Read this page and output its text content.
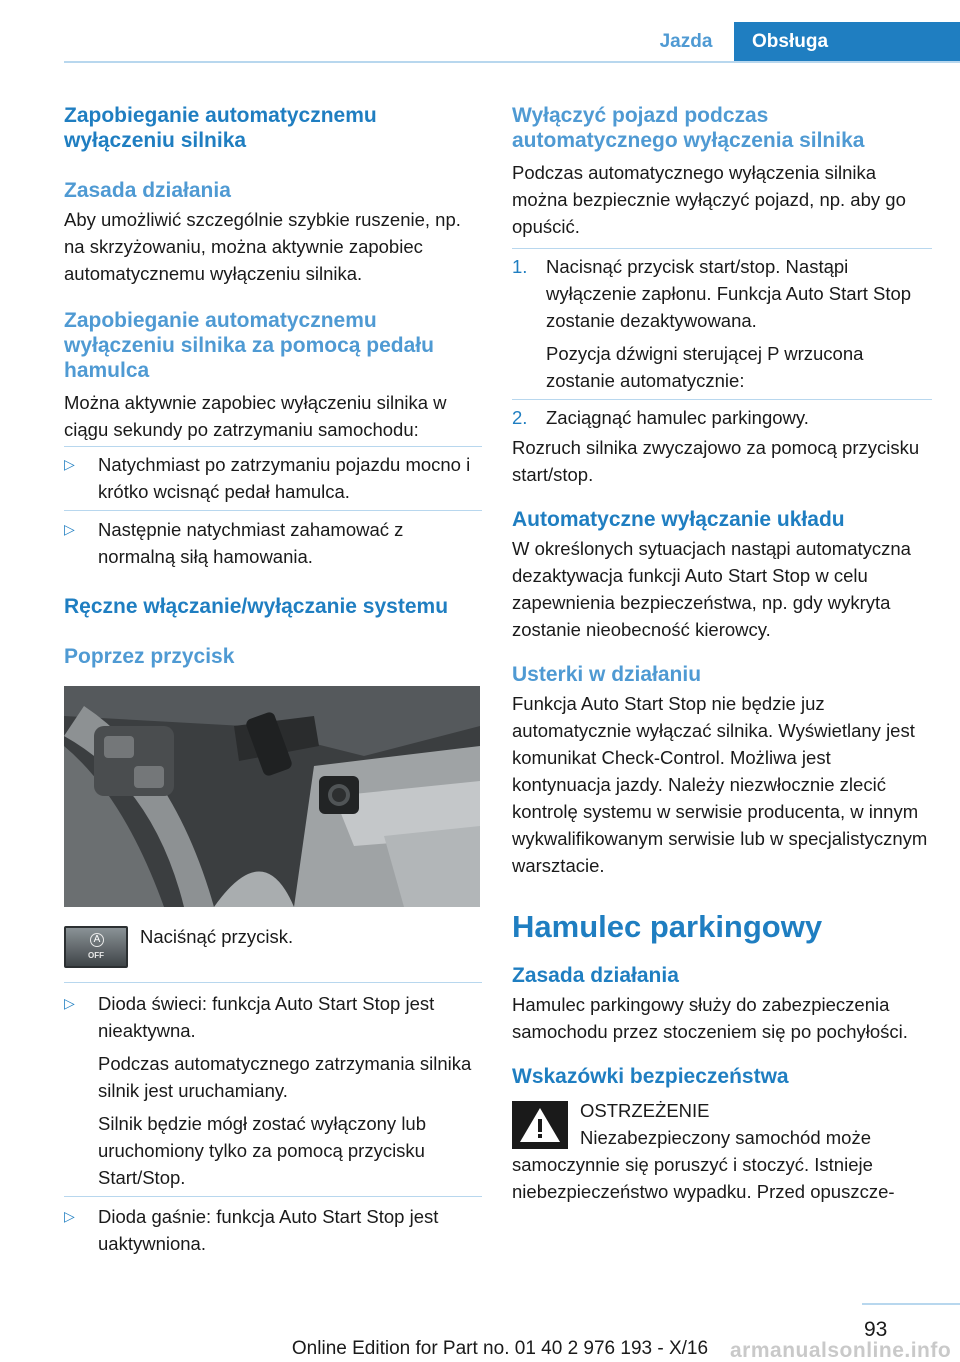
Jazda	Obsługa
Zapobieganie automatycznemu wyłączeniu silnika
Zasada działania
Aby umożliwić szczególnie szybkie ruszenie, np. na skrzyżowaniu, można aktywnie zapobiec automatycznemu wyłączeniu silnika.
Zapobieganie automatycznemu wyłączeniu silnika za pomocą pedału hamulca
Można aktywnie zapobiec wyłączeniu silnika w ciągu sekundy po zatrzymaniu samochodu:
▷ Natychmiast po zatrzymaniu pojazdu mocno i krótko wcisnąć pedał hamulca.
▷ Następnie natychmiast zahamować z normalną siłą hamowania.
Ręczne włączanie/wyłączanie systemu
Poprzez przycisk
A
OFF
Naciśnąć przycisk.
▷ Dioda świeci: funkcja Auto Start Stop jest nieaktywna.
Podczas automatycznego zatrzymania silnika silnik jest uruchamiany.
Silnik będzie mógł zostać wyłączony lub uruchomiony tylko za pomocą przycisku Start/Stop.
▷ Dioda gaśnie: funkcja Auto Start Stop jest uaktywniona.
Wyłączyć pojazd podczas automatycznego wyłączenia silnika
Podczas automatycznego wyłączenia silnika można bezpiecznie wyłączyć pojazd, np. aby go opuścić.
1. Nacisnąć przycisk start/stop. Nastąpi wyłączenie zapłonu. Funkcja Auto Start Stop zostanie dezaktywowana.
Pozycja dźwigni sterującej P wrzucona zostanie automatycznie:
2. Zaciągnąć hamulec parkingowy.
Rozruch silnika zwyczajowo za pomocą przycisku start/stop.
Automatyczne wyłączanie układu
W określonych sytuacjach nastąpi automatyczna dezaktywacja funkcji Auto Start Stop w celu zapewnienia bezpieczeństwa, np. gdy wykryta zostanie nieobecność kierowcy.
Usterki w działaniu
Funkcja Auto Start Stop nie będzie juz automatycznie wyłączać silnika. Wyświetlany jest komunikat Check-Control. Możliwa jest kontynuacja jazdy. Należy niezwłocznie zlecić kontrolę systemu w serwisie producenta, w innym wykwalifikowanym serwisie lub w specjalistycznym warsztacie.
Hamulec parkingowy
Zasada działania
Hamulec parkingowy służy do zabezpieczenia samochodu przez stoczeniem się po pochyłości.
Wskazówki bezpieczeństwa
OSTRZEŻENIE
Niezabezpieczony samochód może samoczynnie się poruszyć i stoczyć. Istnieje niebezpieczeństwo wypadku. Przed opuszcze-
93
armanualsonline.info
Online Edition for Part no. 01 40 2 976 193 - X/16
